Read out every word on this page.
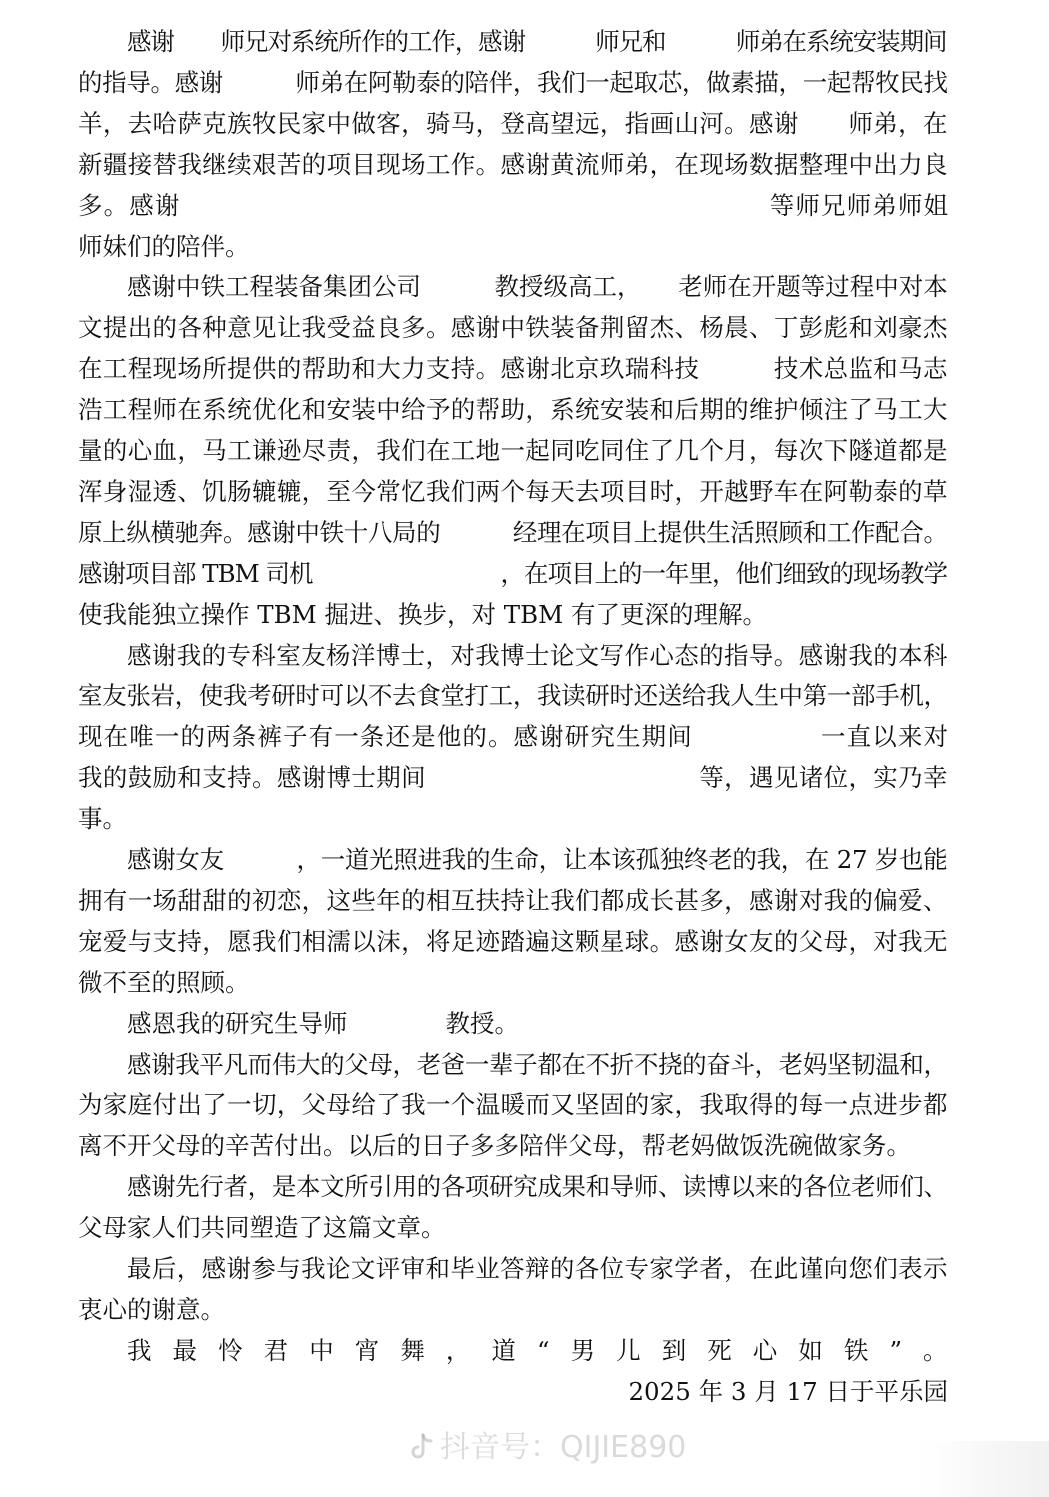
感谢　　师兄对系统所作的工作，感谢　　　师兄和　　　师弟在系统安装期间
的指导。感谢　　　师弟在阿勒泰的陪伴，我们一起取芯，做素描，一起帮牧民找
羊，去哈萨克族牧民家中做客，骑马，登高望远，指画山河。感谢　　师弟，在
新疆接替我继续艰苦的项目现场工作。感谢黄流师弟，在现场数据整理中出力良
多。感谢　　　　　　　　　　　　　　　　　　　　　　　等师兄师弟师姐
师妹们的陪伴。
感谢中铁工程装备集团公司　　　教授级高工，　　老师在开题等过程中对本
文提出的各种意见让我受益良多。感谢中铁装备荆留杰、杨晨、丁彭彪和刘豪杰
在工程现场所提供的帮助和大力支持。感谢北京玖瑞科技　　　技术总监和马志
浩工程师在系统优化和安装中给予的帮助，系统安装和后期的维护倾注了马工大
量的心血，马工谦逊尽责，我们在工地一起同吃同住了几个月，每次下隧道都是
浑身湿透、饥肠辘辘，至今常忆我们两个每天去项目时，开越野车在阿勒泰的草
原上纵横驰奔。感谢中铁十八局的　　　经理在项目上提供生活照顾和工作配合。
感谢项目部 TBM 司机　　　　　　　　，在项目上的一年里，他们细致的现场教学
使我能独立操作 TBM 掘进、换步，对 TBM 有了更深的理解。
感谢我的专科室友杨洋博士，对我博士论文写作心态的指导。感谢我的本科
室友张岩，使我考研时可以不去食堂打工，我读研时还送给我人生中第一部手机，
现在唯一的两条裤子有一条还是他的。感谢研究生期间　　　　　一直以来对
我的鼓励和支持。感谢博士期间　　　　　　　　　　　等，遇见诸位，实乃幸
事。
感谢女友　　　，一道光照进我的生命，让本该孤独终老的我，在 27 岁也能
拥有一场甜甜的初恋，这些年的相互扶持让我们都成长甚多，感谢对我的偏爱、
宠爱与支持，愿我们相濡以沫，将足迹踏遍这颗星球。感谢女友的父母，对我无
微不至的照顾。
感恩我的研究生导师　　　　教授。
感谢我平凡而伟大的父母，老爸一辈子都在不折不挠的奋斗，老妈坚韧温和，
为家庭付出了一切，父母给了我一个温暖而又坚固的家，我取得的每一点进步都
离不开父母的辛苦付出。以后的日子多多陪伴父母，帮老妈做饭洗碗做家务。
感谢先行者，是本文所引用的各项研究成果和导师、读博以来的各位老师们、
父母家人们共同塑造了这篇文章。
最后，感谢参与我论文评审和毕业答辩的各位专家学者，在此谨向您们表示
衷心的谢意。
我最怜君中宵舞，道“男儿到死心如铁”。
2025 年 3 月 17 日于平乐园
抖音号：QIJIE890
